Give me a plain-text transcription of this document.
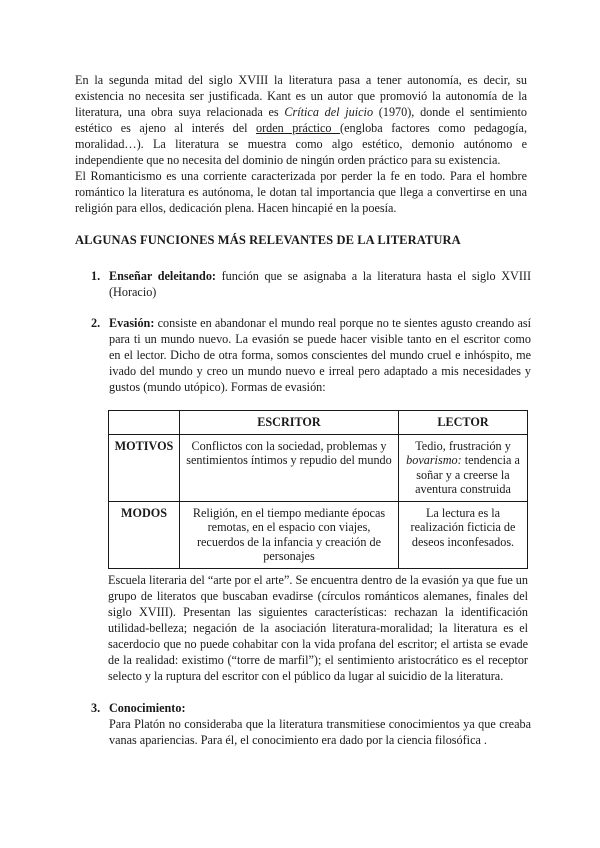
En la segunda mitad del siglo XVIII la literatura pasa a tener autonomía, es decir, su existencia no necesita ser justificada. Kant es un autor que promovió la autonomía de la literatura, una obra suya relacionada es Crítica del juicio (1970), donde el sentimiento estético es ajeno al interés del orden práctico (engloba factores como pedagogía, moralidad…). La literatura se muestra como algo estético, demonio autónomo e independiente que no necesita del dominio de ningún orden práctico para su existencia.

El Romanticismo es una corriente caracterizada por perder la fe en todo. Para el hombre romántico la literatura es autónoma, le dotan tal importancia que llega a convertirse en una religión para ellos, dedicación plena. Hacen hincapié en la poesía.

ALGUNAS FUNCIONES MÁS RELEVANTES DE LA LITERATURA
1. Enseñar deleitando: función que se asignaba a la literatura hasta el siglo XVIII (Horacio)
2. Evasión: consiste en abandonar el mundo real porque no te sientes agusto creando así para ti un mundo nuevo. La evasión se puede hacer visible tanto en el escritor como en el lector. Dicho de otra forma, somos conscientes del mundo cruel e inhóspito, me ivado del mundo y creo un mundo nuevo e irreal pero adaptado a mis necesidades y gustos (mundo utópico). Formas de evasión:
	ESCRITOR	LECTOR
MOTIVOS	Conflictos con la sociedad, problemas y sentimientos íntimos y repudio del mundo	Tedio, frustración y bovarismo: tendencia a soñar y a creerse la aventura construida
MODOS	Religión, en el tiempo mediante épocas remotas, en el espacio con viajes, recuerdos de la infancia y creación de personajes	La lectura es la realización ficticia de deseos inconfesados.

Escuela literaria del “arte por el arte”. Se encuentra dentro de la evasión ya que fue un grupo de literatos que buscaban evadirse (círculos románticos alemanes, finales del siglo XVIII). Presentan las siguientes características: rechazan la identificación utilidad-belleza; negación de la asociación literatura-moralidad; la literatura es el sacerdocio que no puede cohabitar con la vida profana del escritor; el artista se evade de la realidad: existimo (“torre de marfil”); el sentimiento aristocrático es el receptor selecto y la ruptura del escritor con el público da lugar al suicidio de la literatura.

3. Conocimiento:
Para Platón no consideraba que la literatura transmitiese conocimientos ya que creaba vanas apariencias. Para él, el conocimiento era dado por la ciencia filosófica .
